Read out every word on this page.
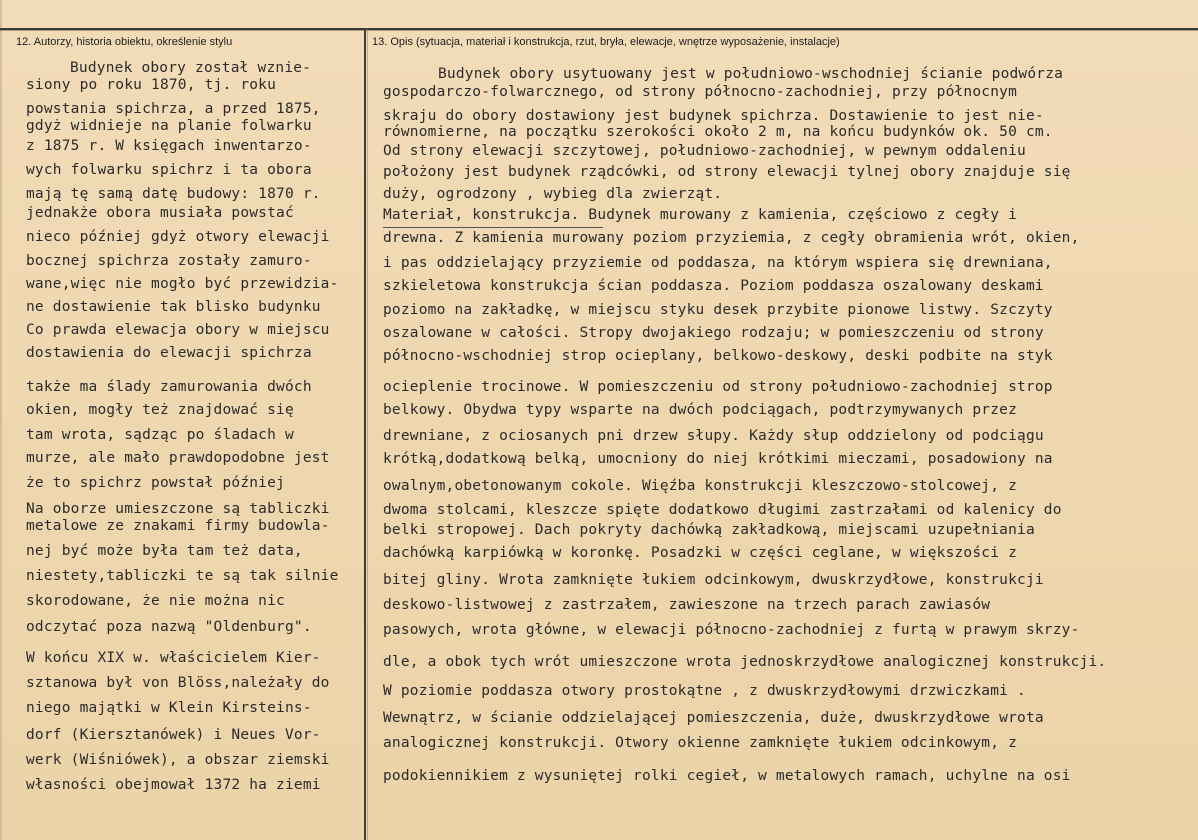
12. Autorzy, historia obiektu, określenie stylu	13. Opis (sytuacja, materiał i konstrukcja, rzut, bryła, elewacje, wnętrze wyposażenie, instalacje)
Budynek obory został wznie-
siony po roku 1870, tj. roku
powstania spichrza, a przed 1875,
gdyż widnieje na planie folwarku
z 1875 r. W księgach inwentarzo-
wych folwarku spichrz i ta obora
mają tę samą datę budowy: 1870 r.
jednakże obora musiała powstać
nieco później gdyż otwory elewacji
bocznej spichrza zostały zamuro-
wane,więc nie mogło być przewidzia-
ne dostawienie tak blisko budynku
Co prawda elewacja obory w miejscu
dostawienia do elewacji spichrza
także ma ślady zamurowania dwóch
okien, mogły też znajdować się
tam wrota, sądząc po śladach w
murze, ale mało prawdopodobne jest
że to spichrz powstał później
Na oborze umieszczone są tabliczki
metalowe ze znakami firmy budowla-
nej być może była tam też data,
niestety,tabliczki te są tak silnie
skorodowane, że nie można nic
odczytać poza nazwą "Oldenburg".
W końcu XIX w. właścicielem Kier-
sztanowa był von Blöss,należały do
niego majątki w Klein Kirsteins-
dorf (Kiersztanówek) i Neues Vor-
werk (Wiśniówek), a obszar ziemski
własności obejmował 1372 ha ziemi
Budynek obory usytuowany jest w południowo-wschodniej ścianie podwórza
gospodarczo-folwarcznego, od strony północno-zachodniej, przy północnym
skraju do obory dostawiony jest budynek spichrza. Dostawienie to jest nie-
równomierne, na początku szerokości około 2 m, na końcu budynków ok. 50 cm.
Od strony elewacji szczytowej, południowo-zachodniej, w pewnym oddaleniu
położony jest budynek rządcówki, od strony elewacji tylnej obory znajduje się
duży, ogrodzony , wybieg dla zwierząt.
Materiał, konstrukcja. Budynek murowany z kamienia, częściowo z cegły i
drewna. Z kamienia murowany poziom przyziemia, z cegły obramienia wrót, okien,
i pas oddzielający przyziemie od poddasza, na którym wspiera się drewniana,
szkieletowa konstrukcja ścian poddasza. Poziom poddasza oszalowany deskami
poziomo na zakładkę, w miejscu styku desek przybite pionowe listwy. Szczyty
oszalowane w całości. Stropy dwojakiego rodzaju; w pomieszczeniu od strony
północno-wschodniej strop ocieplany, belkowo-deskowy, deski podbite na styk
ocieplenie trocinowe. W pomieszczeniu od strony południowo-zachodniej strop
belkowy. Obydwa typy wsparte na dwóch podciągach, podtrzymywanych przez
drewniane, z ociosanych pni drzew słupy. Każdy słup oddzielony od podciągu
krótką,dodatkową belką, umocniony do niej krótkimi mieczami, posadowiony na
owalnym,obetonowanym cokole. Więźba konstrukcji kleszczowo-stolcowej, z
dwoma stolcami, kleszcze spięte dodatkowo długimi zastrzałami od kalenicy do
belki stropowej. Dach pokryty dachówką zakładkową, miejscami uzupełniania
dachówką karpiówką w koronkę. Posadzki w części ceglane, w większości z
bitej gliny. Wrota zamknięte łukiem odcinkowym, dwuskrzydłowe, konstrukcji
deskowo-listwowej z zastrzałem, zawieszone na trzech parach zawiasów
pasowych, wrota główne, w elewacji północno-zachodniej z furtą w prawym skrzy-
dle, a obok tych wrót umieszczone wrota jednoskrzydłowe analogicznej konstrukcji.
W poziomie poddasza otwory prostokątne , z dwuskrzydłowymi drzwiczkami .
Wewnątrz, w ścianie oddzielającej pomieszczenia, duże, dwuskrzydłowe wrota
analogicznej konstrukcji. Otwory okienne zamknięte łukiem odcinkowym, z
podokiennikiem z wysuniętej rolki cegieł, w metalowych ramach, uchylne na osi
